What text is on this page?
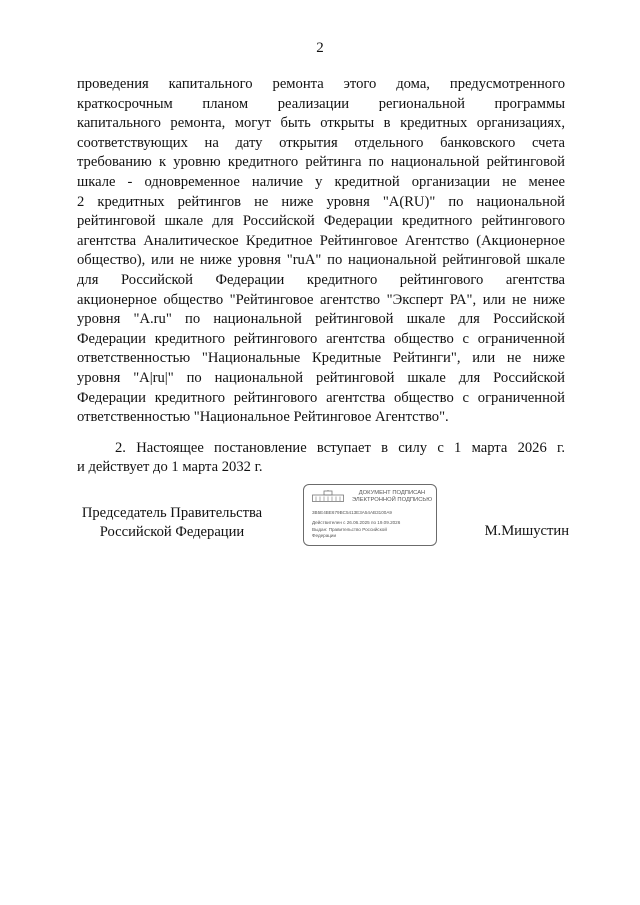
2
проведения капитального ремонта этого дома, предусмотренного
краткосрочным планом реализации региональной программы
капитального ремонта, могут быть открыты в кредитных организациях,
соответствующих на дату открытия отдельного банковского счета
требованию к уровню кредитного рейтинга по национальной рейтинговой
шкале - одновременное наличие у кредитной организации не менее
2 кредитных рейтингов не ниже уровня "A(RU)" по национальной
рейтинговой шкале для Российской Федерации кредитного рейтингового
агентства Аналитическое Кредитное Рейтинговое Агентство (Акционерное
общество), или не ниже уровня "ruA" по национальной рейтинговой шкале
для Российской Федерации кредитного рейтингового агентства
акционерное общество "Рейтинговое агентство "Эксперт РА", или не ниже
уровня "A.ru" по национальной рейтинговой шкале для Российской
Федерации кредитного рейтингового агентства общество с ограниченной
ответственностью "Национальные Кредитные Рейтинги", или не ниже
уровня "A|ru|" по национальной рейтинговой шкале для Российской
Федерации кредитного рейтингового агентства общество с ограниченной
ответственностью "Национальное Рейтинговое Агентство".
2. Настоящее постановление вступает в силу с 1 марта 2026 г.
и действует до 1 марта 2032 г.
Председатель Правительства
Российской Федерации
ДОКУМЕНТ ПОДПИСАН
ЭЛЕКТРОННОЙ ПОДПИСЬЮ
3B5E4BE679BC5413E3A54AB3100A9
Действителен с 26.06.2025 по 19.09.2026
Выдан: Правительство Российской
Федерации	М.Мишустин
